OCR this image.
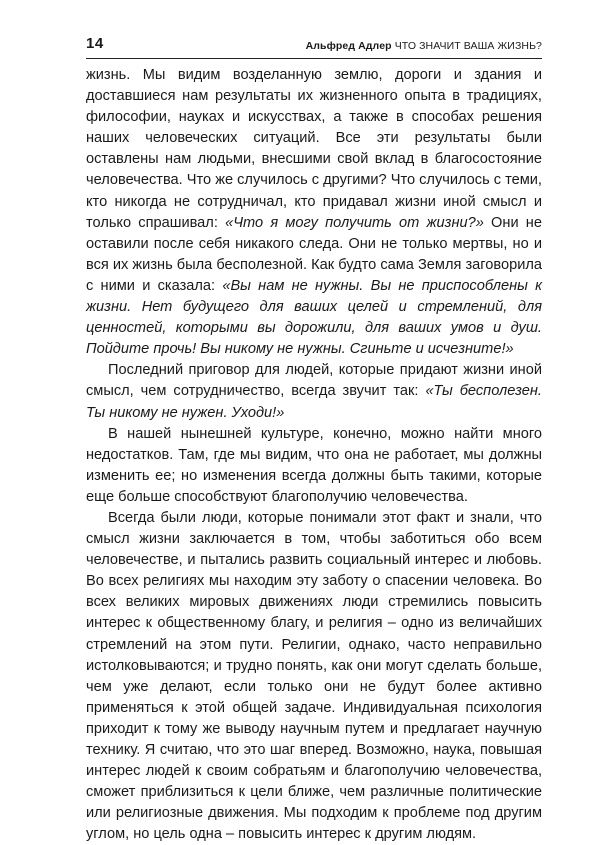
14	Альфред Адлер ЧТО ЗНАЧИТ ВАША ЖИЗНЬ?

жизнь. Мы видим возделанную землю, дороги и здания и доставшиеся нам результаты их жизненного опыта в традициях, философии, науках и искусствах, а также в способах решения наших человеческих ситуаций. Все эти результаты были оставлены нам людьми, внесшими свой вклад в благосостояние человечества. Что же случилось с другими? Что случилось с теми, кто никогда не сотрудничал, кто придавал жизни иной смысл и только спрашивал: «Что я могу получить от жизни?» Они не оставили после себя никакого следа. Они не только мертвы, но и вся их жизнь была бесполезной. Как будто сама Земля заговорила с ними и сказала: «Вы нам не нужны. Вы не приспособлены к жизни. Нет будущего для ваших целей и стремлений, для ценностей, которыми вы дорожили, для ваших умов и душ. Пойдите прочь! Вы никому не нужны. Сгиньте и исчезните!»

Последний приговор для людей, которые придают жизни иной смысл, чем сотрудничество, всегда звучит так: «Ты бесполезен. Ты никому не нужен. Уходи!»

В нашей нынешней культуре, конечно, можно найти много недостатков. Там, где мы видим, что она не работает, мы должны изменить ее; но изменения всегда должны быть такими, которые еще больше способствуют благополучию человечества.

Всегда были люди, которые понимали этот факт и знали, что смысл жизни заключается в том, чтобы заботиться обо всем человечестве, и пытались развить социальный интерес и любовь. Во всех религиях мы находим эту заботу о спасении человека. Во всех великих мировых движениях люди стремились повысить интерес к общественному благу, и религия – одно из величайших стремлений на этом пути. Религии, однако, часто неправильно истолковываются; и трудно понять, как они могут сделать больше, чем уже делают, если только они не будут более активно применяться к этой общей задаче. Индивидуальная психология приходит к тому же выводу научным путем и предлагает научную технику. Я считаю, что это шаг вперед. Возможно, наука, повышая интерес людей к своим собратьям и благополучию человечества, сможет приблизиться к цели ближе, чем различные политические или религиозные движения. Мы подходим к проблеме под другим углом, но цель одна – повысить интерес к другим людям.
